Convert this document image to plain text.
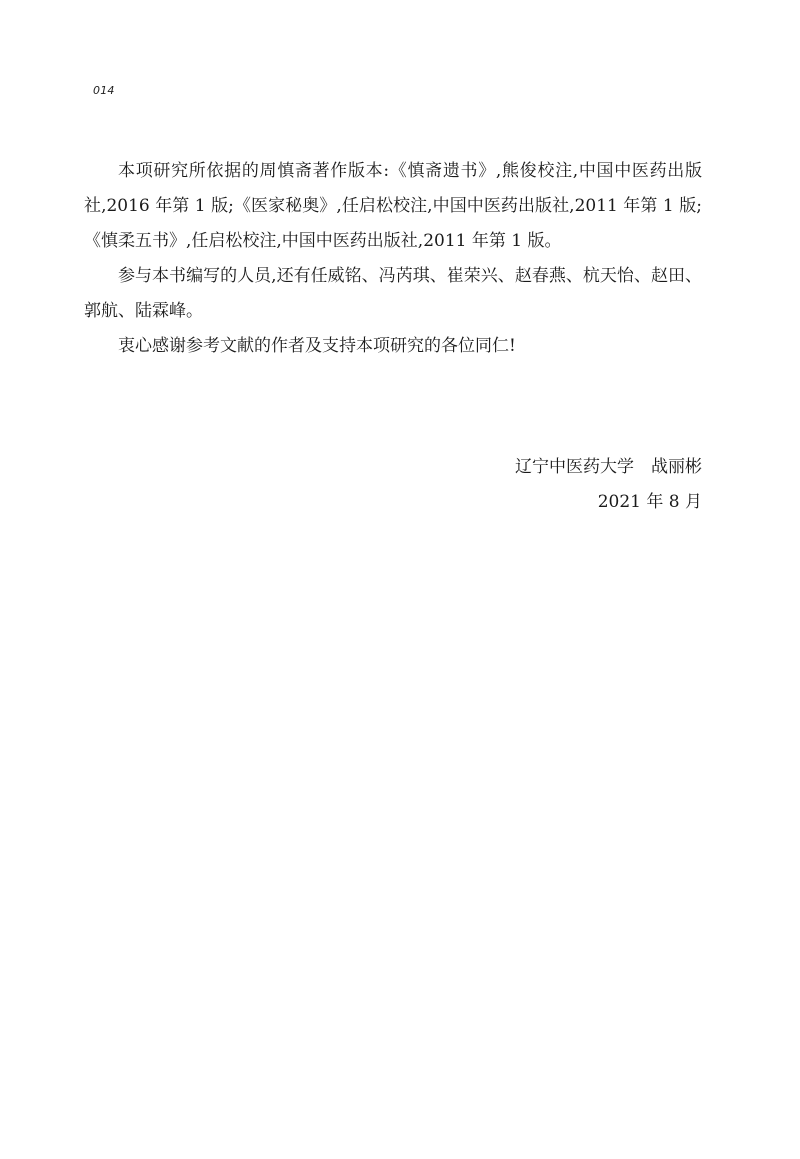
014

本项研究所依据的周慎斋著作版本:《慎斋遗书》,熊俊校注,中国中医药出版社,2016 年第 1 版;《医家秘奥》,任启松校注,中国中医药出版社,2011 年第 1 版;《慎柔五书》,任启松校注,中国中医药出版社,2011 年第 1 版。

参与本书编写的人员,还有任威铭、冯芮琪、崔荣兴、赵春燕、杭天怡、赵田、郭航、陆霖峰。

衷心感谢参考文献的作者及支持本项研究的各位同仁!

辽宁中医药大学 战丽彬
2021 年 8 月
